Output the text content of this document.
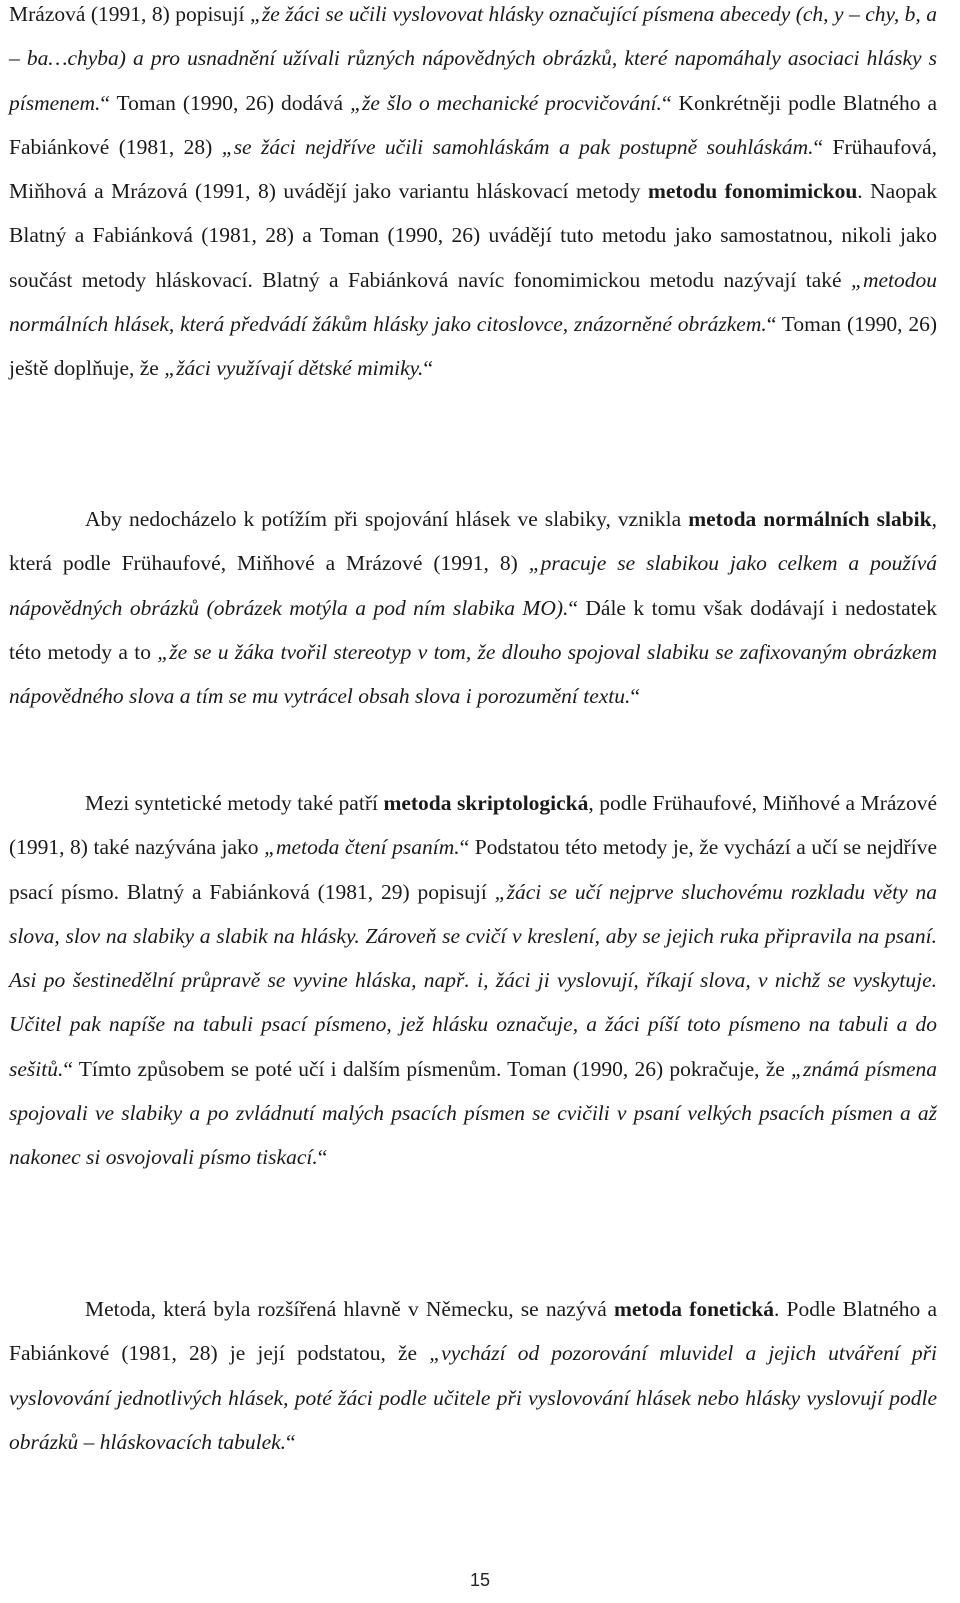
Mrázová (1991, 8) popisují „že žáci se učili vyslovovat hlásky označující písmena abecedy (ch, y – chy, b, a – ba…chyba) a pro usnadnění užívali různých nápovědných obrázků, které napomáhaly asociaci hlásky s písmenem.“ Toman (1990, 26) dodává „že šlo o mechanické procvičování.“ Konkrétněji podle Blatného a Fabiánkové (1981, 28) „se žáci nejdříve učili samohláskám a pak postupně souhláskám.“ Frühaufová, Miňhová a Mrázová (1991, 8) uvádějí jako variantu hláskovací metody metodu fonomimickou. Naopak Blatný a Fabiánková (1981, 28) a Toman (1990, 26) uvádějí tuto metodu jako samostatnou, nikoli jako součást metody hláskovací. Blatný a Fabiánková navíc fonomimickou metodu nazývají také „metodou normálních hlásek, která předvádí žákům hlásky jako citoslovce, znázorněné obrázkem.“ Toman (1990, 26) ještě doplňuje, že „žáci využívají dětské mimiky.“

Aby nedocházelo k potížím při spojování hlásek ve slabiky, vznikla metoda normálních slabik, která podle Frühaufové, Miňhové a Mrázové (1991, 8) „pracuje se slabikou jako celkem a používá nápovědných obrázků (obrázek motýla a pod ním slabika MO).“ Dále k tomu však dodávají i nedostatek této metody a to „že se u žáka tvořil stereotyp v tom, že dlouho spojoval slabiku se zafixovaným obrázkem nápovědného slova a tím se mu vytrácel obsah slova i porozumění textu.“

Mezi syntetické metody také patří metoda skriptologická, podle Frühaufové, Miňhové a Mrázové (1991, 8) také nazývána jako „metoda čtení psaním.“ Podstatou této metody je, že vychází a učí se nejdříve psací písmo. Blatný a Fabiánková (1981, 29) popisují „žáci se učí nejprve sluchovému rozkladu věty na slova, slov na slabiky a slabik na hlásky. Zároveň se cvičí v kreslení, aby se jejich ruka připravila na psaní. Asi po šestinedělní průpravě se vyvine hláska, např. i, žáci ji vyslovují, říkají slova, v nichž se vyskytuje. Učitel pak napíše na tabuli psací písmeno, jež hlásku označuje, a žáci píší toto písmeno na tabuli a do sešitů.“ Tímto způsobem se poté učí i dalším písmenům. Toman (1990, 26) pokračuje, že „známá písmena spojovali ve slabiky a po zvládnutí malých psacích písmen se cvičili v psaní velkých psacích písmen a až nakonec si osvojovali písmo tiskací.“

Metoda, která byla rozšířená hlavně v Německu, se nazývá metoda fonetická. Podle Blatného a Fabiánkové (1981, 28) je její podstatou, že „vychází od pozorování mluvidel a jejich utváření při vyslovování jednotlivých hlásek, poté žáci podle učitele při vyslovování hlásek nebo hlásky vyslovují podle obrázků – hláskovacích tabulek.“

15
